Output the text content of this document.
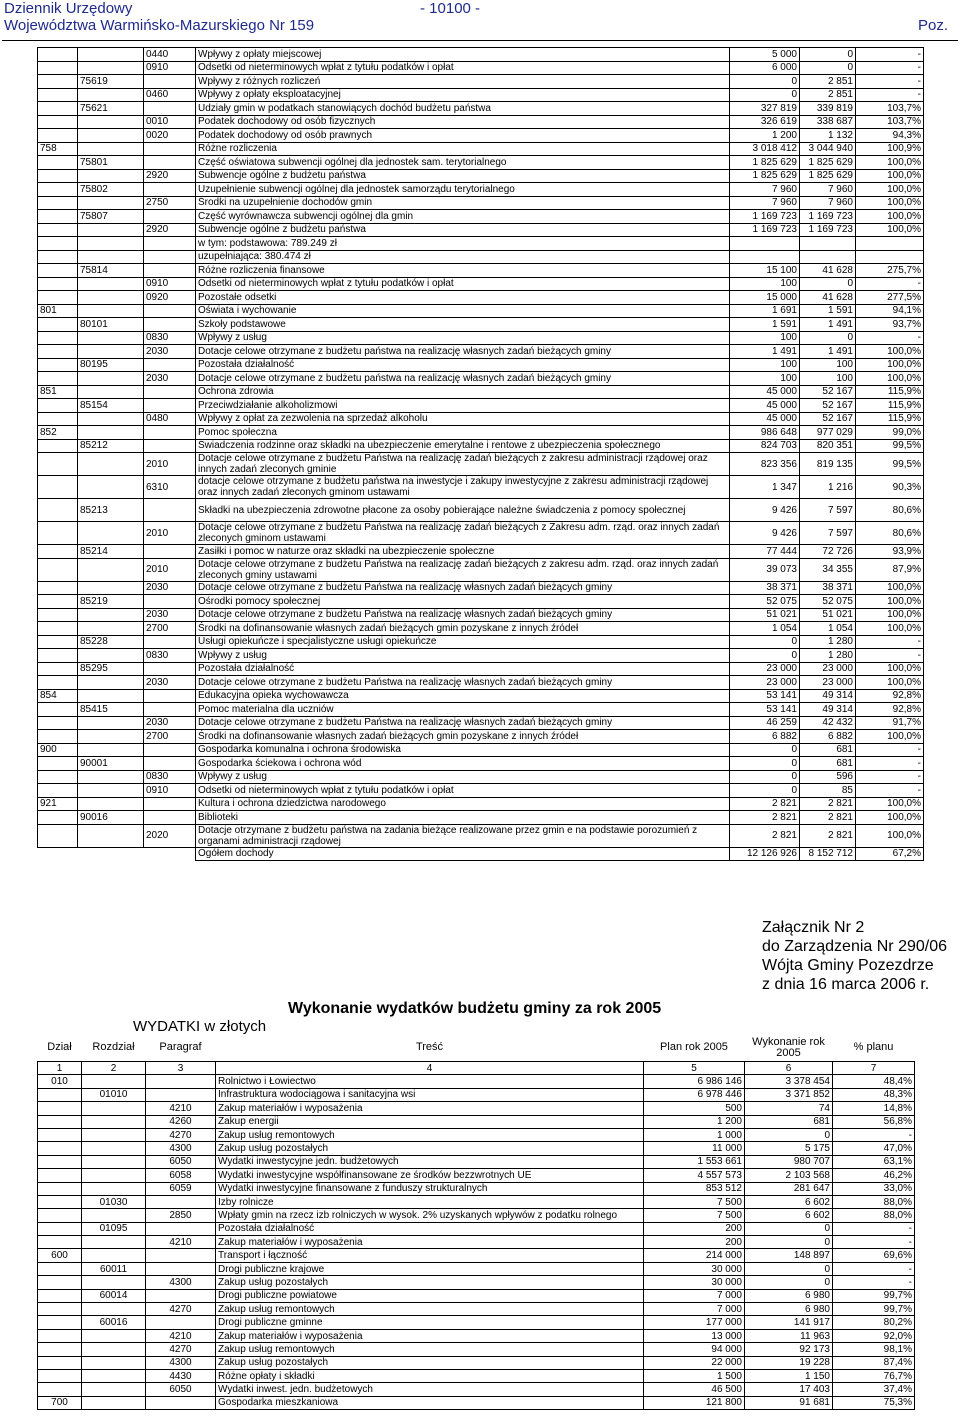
Dziennik Urzędowy
Województwa Warmińsko-Mazurskiego Nr 159
- 10100 -
Poz.
		0440	Wpływy z opłaty miejscowej	5 000	0	-
		0910	Odsetki od nieterminowych wpłat z tytułu podatków i opłat	6 000	0	-
	75619		Wpływy z różnych rozliczeń	0	2 851	-
		0460	Wpływy z opłaty eksploatacyjnej	0	2 851	-
	75621		Udziały gmin w podatkach stanowiących dochód budżetu państwa	327 819	339 819	103,7%
		0010	Podatek dochodowy od osób fizycznych	326 619	338 687	103,7%
		0020	Podatek dochodowy od osób prawnych	1 200	1 132	94,3%
758			Różne rozliczenia	3 018 412	3 044 940	100,9%
	75801		Część oświatowa subwencji ogólnej dla jednostek sam. terytorialnego	1 825 629	1 825 629	100,0%
		2920	Subwencje ogólne z budżetu państwa	1 825 629	1 825 629	100,0%
	75802		Uzupełnienie subwencji ogólnej dla jednostek samorządu terytorialnego	7 960	7 960	100,0%
		2750	Środki na uzupełnienie dochodów gmin	7 960	7 960	100,0%
	75807		Część wyrównawcza subwencji ogólnej dla gmin	1 169 723	1 169 723	100,0%
		2920	Subwencje ogólne z budżetu państwa	1 169 723	1 169 723	100,0%
			w tym: podstawowa: 789.249 zł			
			uzupełniająca: 380.474 zł			
	75814		Różne rozliczenia finansowe	15 100	41 628	275,7%
		0910	Odsetki od nieterminowych wpłat z tytułu podatków i opłat	100	0	-
		0920	Pozostałe odsetki	15 000	41 628	277,5%
801			Oświata i wychowanie	1 691	1 591	94,1%
	80101		Szkoły podstawowe	1 591	1 491	93,7%
		0830	Wpływy z usług	100	0	-
		2030	Dotacje celowe otrzymane z budżetu państwa na realizację własnych zadań bieżących gminy	1 491	1 491	100,0%
	80195		Pozostała działalność	100	100	100,0%
		2030	Dotacje celowe otrzymane z budżetu państwa na realizację własnych zadań bieżących gminy	100	100	100,0%
851			Ochrona zdrowia	45 000	52 167	115,9%
	85154		Przeciwdziałanie alkoholizmowi	45 000	52 167	115,9%
		0480	Wpływy z opłat za zezwolenia na sprzedaż alkoholu	45 000	52 167	115,9%
852			Pomoc społeczna	986 648	977 029	99,0%
	85212		Świadczenia rodzinne oraz składki na ubezpieczenie emerytalne i rentowe z ubezpieczenia społecznego	824 703	820 351	99,5%
		2010	Dotacje celowe otrzymane z budżetu Państwa na realizację zadań bieżących z zakresu administracji rządowej oraz innych zadań zleconych gminie	823 356	819 135	99,5%
		6310	dotacje celowe otrzymane z budżetu państwa na inwestycje i zakupy inwestycyjne z zakresu administracji rządowej oraz innych zadań zleconych gminom ustawami	1 347	1 216	90,3%
	85213		Składki na ubezpieczenia zdrowotne płacone za osoby pobierające należne świadczenia z pomocy społecznej	9 426	7 597	80,6%
		2010	Dotacje celowe otrzymane z budżetu Państwa na realizację zadań bieżących z Zakresu adm. rząd. oraz innych zadań zleconych gminom ustawami	9 426	7 597	80,6%
	85214		Zasiłki i pomoc w naturze oraz składki na ubezpieczenie społeczne	77 444	72 726	93,9%
		2010	Dotacje celowe otrzymane z budżetu Państwa na realizację zadań bieżących z zakresu adm. rząd. oraz innych zadań zleconych gminy ustawami	39 073	34 355	87,9%
		2030	Dotacje celowe otrzymane z budżetu Państwa na realizację własnych zadań bieżących gminy	38 371	38 371	100,0%
	85219		Ośrodki pomocy społecznej	52 075	52 075	100,0%
		2030	Dotacje celowe otrzymane z budżetu Państwa na realizację własnych zadań bieżących gminy	51 021	51 021	100,0%
		2700	Środki na dofinansowanie własnych zadań bieżących gmin pozyskane z innych źródeł	1 054	1 054	100,0%
	85228		Usługi opiekuńcze i specjalistyczne usługi opiekuńcze	0	1 280	-
		0830	Wpływy z usług	0	1 280	-
	85295		Pozostała działalność	23 000	23 000	100,0%
		2030	Dotacje celowe otrzymane z budżetu Państwa na realizację własnych zadań bieżących gminy	23 000	23 000	100,0%
854			Edukacyjna opieka wychowawcza	53 141	49 314	92,8%
	85415		Pomoc materialna dla uczniów	53 141	49 314	92,8%
		2030	Dotacje celowe otrzymane z budżetu Państwa na realizację własnych zadań bieżących gminy	46 259	42 432	91,7%
		2700	Środki na dofinansowanie własnych zadań bieżących gmin pozyskane z innych źródeł	6 882	6 882	100,0%
900			Gospodarka komunalna i ochrona środowiska	0	681	-
	90001		Gospodarka ściekowa i ochrona wód	0	681	-
		0830	Wpływy z usług	0	596	-
		0910	Odsetki od nieterminowych wpłat z tytułu podatków i opłat	0	85	-
921			Kultura i ochrona dziedzictwa narodowego	2 821	2 821	100,0%
	90016		Biblioteki	2 821	2 821	100,0%
		2020	Dotacje otrzymane z budżetu państwa na zadania bieżące realizowane przez gmin e na podstawie porozumień z organami administracji rządowej	2 821	2 821	100,0%
			Ogółem dochody	12 126 926	8 152 712	67,2%
Załącznik Nr 2
do Zarządzenia Nr 290/06
Wójta Gminy Pozezdrze
z dnia 16 marca 2006 r.
Wykonanie wydatków budżetu gminy za rok 2005
WYDATKI w złotych
Dział	Rozdział	Paragraf	Treść	Plan rok 2005	Wykonanie rok 2005	% planu
1	2	3	4	5	6	7
010			Rolnictwo i Łowiectwo	6 986 146	3 378 454	48,4%
	01010		Infrastruktura wodociągowa i sanitacyjna wsi	6 978 446	3 371 852	48,3%
		4210	Zakup materiałów i wyposażenia	500	74	14,8%
		4260	Zakup energii	1 200	681	56,8%
		4270	Zakup usług remontowych	1 000	0	-
		4300	Zakup usług pozostałych	11 000	5 175	47,0%
		6050	Wydatki inwestycyjne jedn. budżetowych	1 553 661	980 707	63,1%
		6058	Wydatki inwestycyjne współfinansowane ze środków bezzwrotnych UE	4 557 573	2 103 568	46,2%
		6059	Wydatki inwestycyjne finansowane z funduszy strukturalnych	853 512	281 647	33,0%
	01030		Izby rolnicze	7 500	6 602	88,0%
		2850	Wpłaty gmin na rzecz izb rolniczych w wysok. 2% uzyskanych wpływów z podatku rolnego	7 500	6 602	88,0%
	01095		Pozostała działalność	200	0	-
		4210	Zakup materiałów i wyposażenia	200	0	-
600			Transport i łączność	214 000	148 897	69,6%
	60011		Drogi publiczne krajowe	30 000	0	-
		4300	Zakup usług pozostałych	30 000	0	-
	60014		Drogi publiczne powiatowe	7 000	6 980	99,7%
		4270	Zakup usług remontowych	7 000	6 980	99,7%
	60016		Drogi publiczne gminne	177 000	141 917	80,2%
		4210	Zakup materiałów i wyposażenia	13 000	11 963	92,0%
		4270	Zakup usług remontowych	94 000	92 173	98,1%
		4300	Zakup usług pozostałych	22 000	19 228	87,4%
		4430	Różne opłaty i składki	1 500	1 150	76,7%
		6050	Wydatki inwest. jedn. budżetowych	46 500	17 403	37,4%
700			Gospodarka mieszkaniowa	121 800	91 681	75,3%
